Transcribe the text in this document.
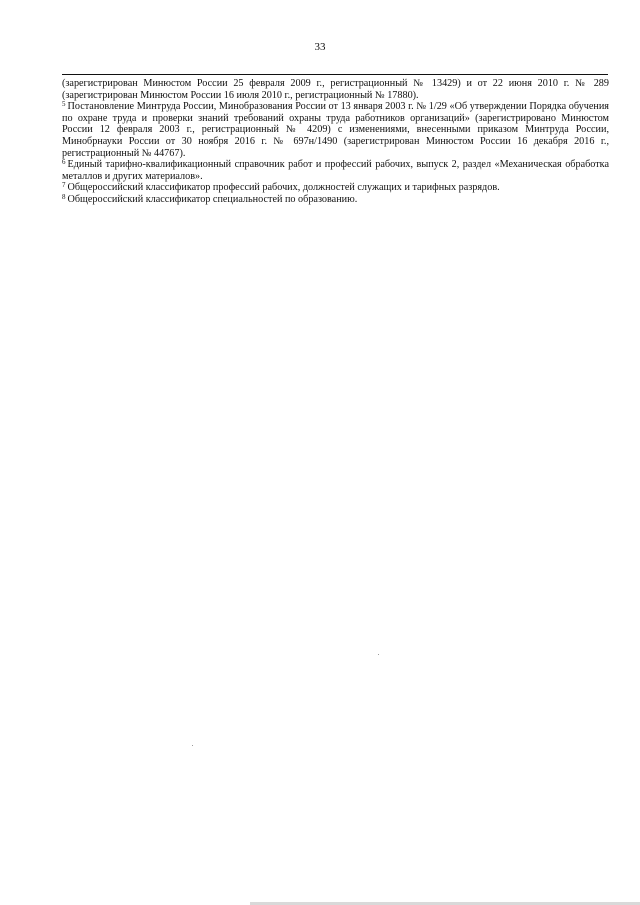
33

(зарегистрирован Минюстом России 25 февраля 2009 г., регистрационный № 13429) и от 22 июня 2010 г. № 289 (зарегистрирован Минюстом России 16 июля 2010 г., регистрационный № 17880).

$^5$ Постановление Минтруда России, Минобразования России от 13 января 2003 г. № 1/29 «Об утверждении Порядка обучения по охране труда и проверки знаний требований охраны труда работников организаций» (зарегистрировано Минюстом России 12 февраля 2003 г., регистрационный № 4209) с изменениями, внесенными приказом Минтруда России, Минобрнауки России от 30 ноября 2016 г. № 697н/1490 (зарегистрирован Минюстом России 16 декабря 2016 г., регистрационный № 44767).

$^6$ Единый тарифно-квалификационный справочник работ и профессий рабочих, выпуск 2, раздел «Механическая обработка металлов и других материалов».

$^7$ Общероссийский классификатор профессий рабочих, должностей служащих и тарифных разрядов.

$^8$ Общероссийский классификатор специальностей по образованию.
